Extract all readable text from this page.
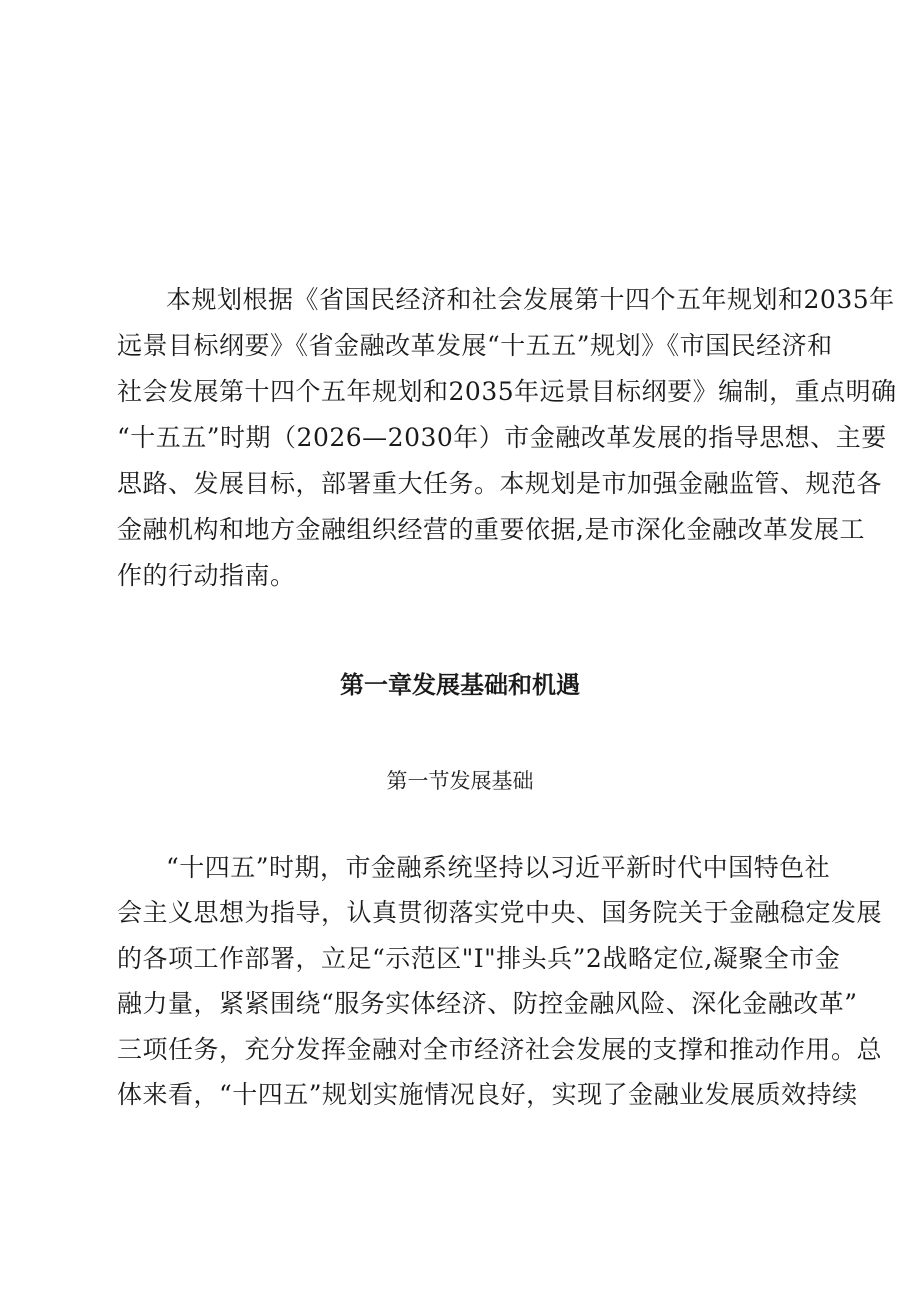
本规划根据《省国民经济和社会发展第十四个五年规划和2035年
远景目标纲要》《省金融改革发展“十五五”规划》《市国民经济和
社会发展第十四个五年规划和2035年远景目标纲要》编制，重点明确
“十五五”时期（2026—2030年）市金融改革发展的指导思想、主要
思路、发展目标，部署重大任务。本规划是市加强金融监管、规范各
金融机构和地方金融组织经营的重要依据,是市深化金融改革发展工
作的行动指南。
第一章发展基础和机遇
第一节发展基础
“十四五”时期，市金融系统坚持以习近平新时代中国特色社
会主义思想为指导，认真贯彻落实党中央、国务院关于金融稳定发展
的各项工作部署，立足“示范区"I"排头兵”2战略定位,凝聚全市金
融力量，紧紧围绕“服务实体经济、防控金融风险、深化金融改革”
三项任务，充分发挥金融对全市经济社会发展的支撑和推动作用。总
体来看，“十四五”规划实施情况良好，实现了金融业发展质效持续
